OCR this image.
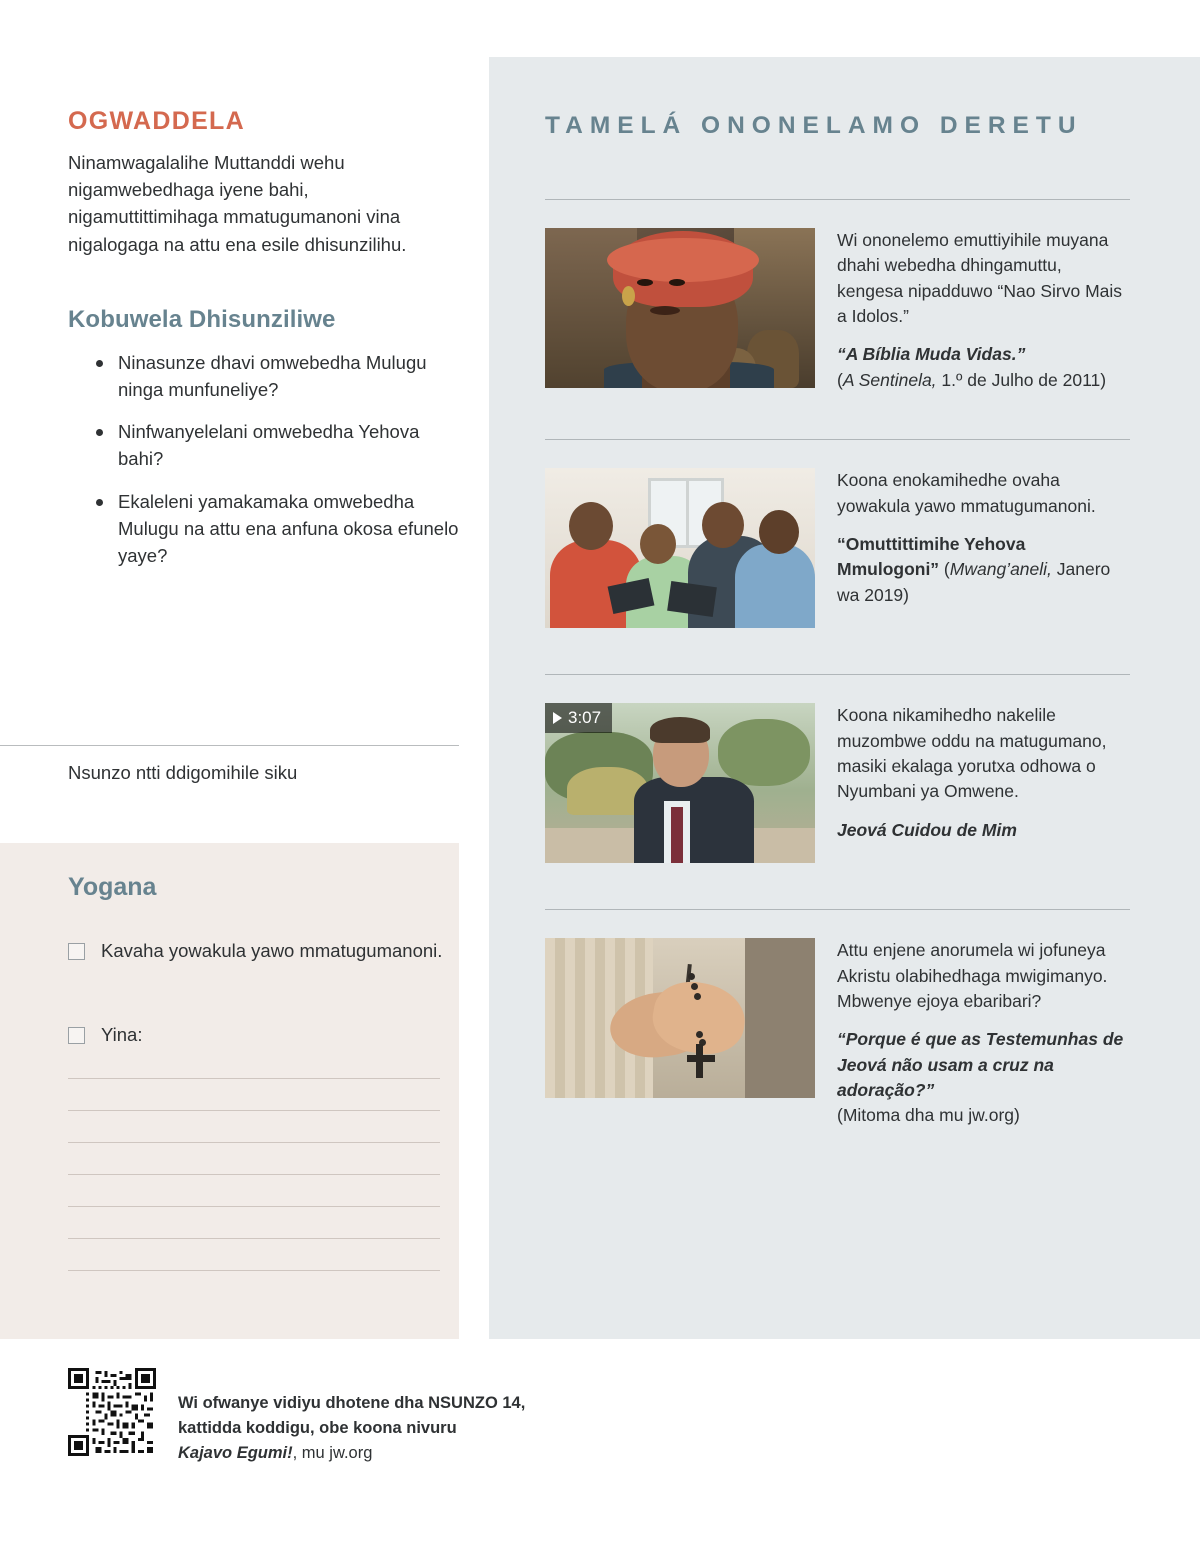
OGWADDELA

Ninamwagalalihe Muttanddi wehu nigamwebedhaga iyene bahi, nigamuttittimihaga mmatugumanoni vina nigalogaga na attu ena esile dhisunzilihu.

Kobuwela Dhisunziliwe
Ninasunze dhavi omwebedha Mulugu ninga munfuneliye?
Ninfwanyelelani omwebedha Yehova bahi?
Ekaleleni yamakamaka omwebedha Mulugu na attu ena anfuna okosa efunelo yaye?
Nsunzo ntti ddigomihile siku
Yogana
Kavaha yowakula yawo mmatugumanoni.
Yina:
Wi ofwanye vidiyu dhotene dha NSUNZO 14,
kattidda koddigu, obe koona nivuru
Kajavo Egumi!, mu jw.org
TAMELÁ ONONELAMO DERETU

Wi ononelemo emuttiyihile muyana dhahi webedha dhingamuttu, kengesa nipadduwo “Nao Sirvo Mais a Idolos.”

“A Bíblia Muda Vidas.”

(A Sentinela, 1.º de Julho de 2011)

Koona enokamihedhe ovaha yowakula yawo mmatugumanoni.

“Omuttittimihe Yehova Mmulogoni” (Mwang’aneli, Janero wa 2019)

3:07	Koona nikamihedho nakelile muzombwe oddu na matugumano, masiki ekalaga yorutxa odhowa o Nyumbani ya Omwene.

Jeová Cuidou de Mim

Attu enjene anorumela wi jofuneya Akristu olabihedhaga mwigimanyo. Mbwenye ejoya ebaribari?

“Porque é que as Testemunhas de Jeová não usam a cruz na adoração?”

(Mitoma dha mu jw.org)
